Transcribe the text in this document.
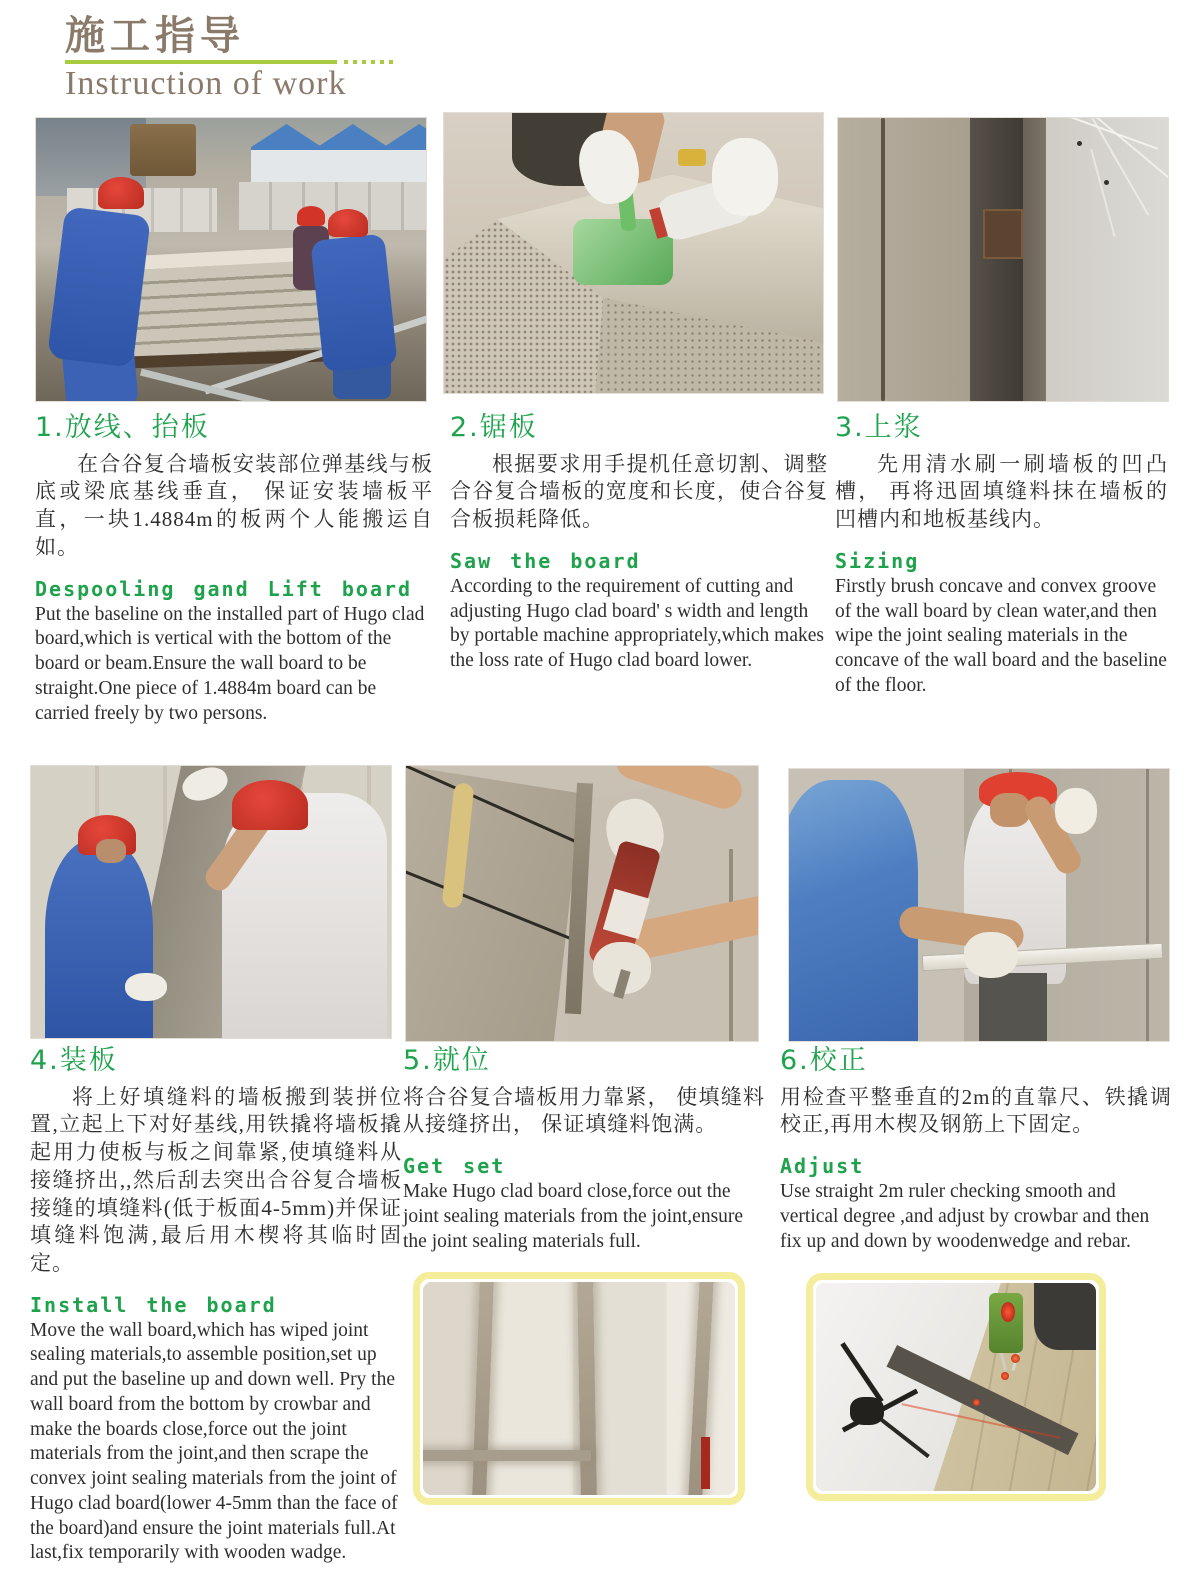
施工指导
Instruction of work
1.放线、抬板

在合谷复合墙板安装部位弹基线与板底或梁底基线垂直， 保证安装墙板平直，一块1.4884m的板两个人能搬运自如。

Despooling gand Lift board

Put the baseline on the installed part of Hugo clad board,which is vertical with the bottom of the board or beam.Ensure the wall board to be straight.One piece of 1.4884m board can be carried freely by two persons.

2.锯板

根据要求用手提机任意切割、调整合谷复合墙板的宽度和长度，使合谷复合板损耗降低。

Saw the board

According to the requirement of cutting and adjusting Hugo clad board' s width and length by portable machine appropriately,which makes the loss rate of Hugo clad board lower.

3.上浆

先用清水刷一刷墙板的凹凸槽， 再将迅固填缝料抹在墙板的凹槽内和地板基线内。

Sizing

Firstly brush concave and convex groove of the wall board by clean water,and then wipe the joint sealing materials in the concave of the wall board and the baseline of the floor.

4.装板

将上好填缝料的墙板搬到装拼位置,立起上下对好基线,用铁撬将墙板撬起用力使板与板之间靠紧,使填缝料从接缝挤出,,然后刮去突出合谷复合墙板接缝的填缝料(低于板面4-5mm)并保证填缝料饱满,最后用木楔将其临时固定。

Install the board

Move the wall board,which has wiped joint sealing materials,to assemble position,set up and put the baseline up and down well. Pry the wall board from the bottom by crowbar and make the boards close,force out the joint materials from the joint,and then scrape the convex joint sealing materials from the joint of Hugo clad board(lower 4-5mm than the face of the board)and ensure the joint materials full.At last,fix temporarily with wooden wadge.

5.就位

将合谷复合墙板用力靠紧， 使填缝料从接缝挤出， 保证填缝料饱满。

Get set

Make Hugo clad board close,force out the joint sealing materials from the joint,ensure the joint sealing materials full.

6.校正

用检查平整垂直的2m的直靠尺、铁撬调校正,再用木楔及钢筋上下固定。

Adjust

Use straight 2m ruler checking smooth and vertical degree ,and adjust by crowbar and then fix up and down by woodenwedge and rebar.
